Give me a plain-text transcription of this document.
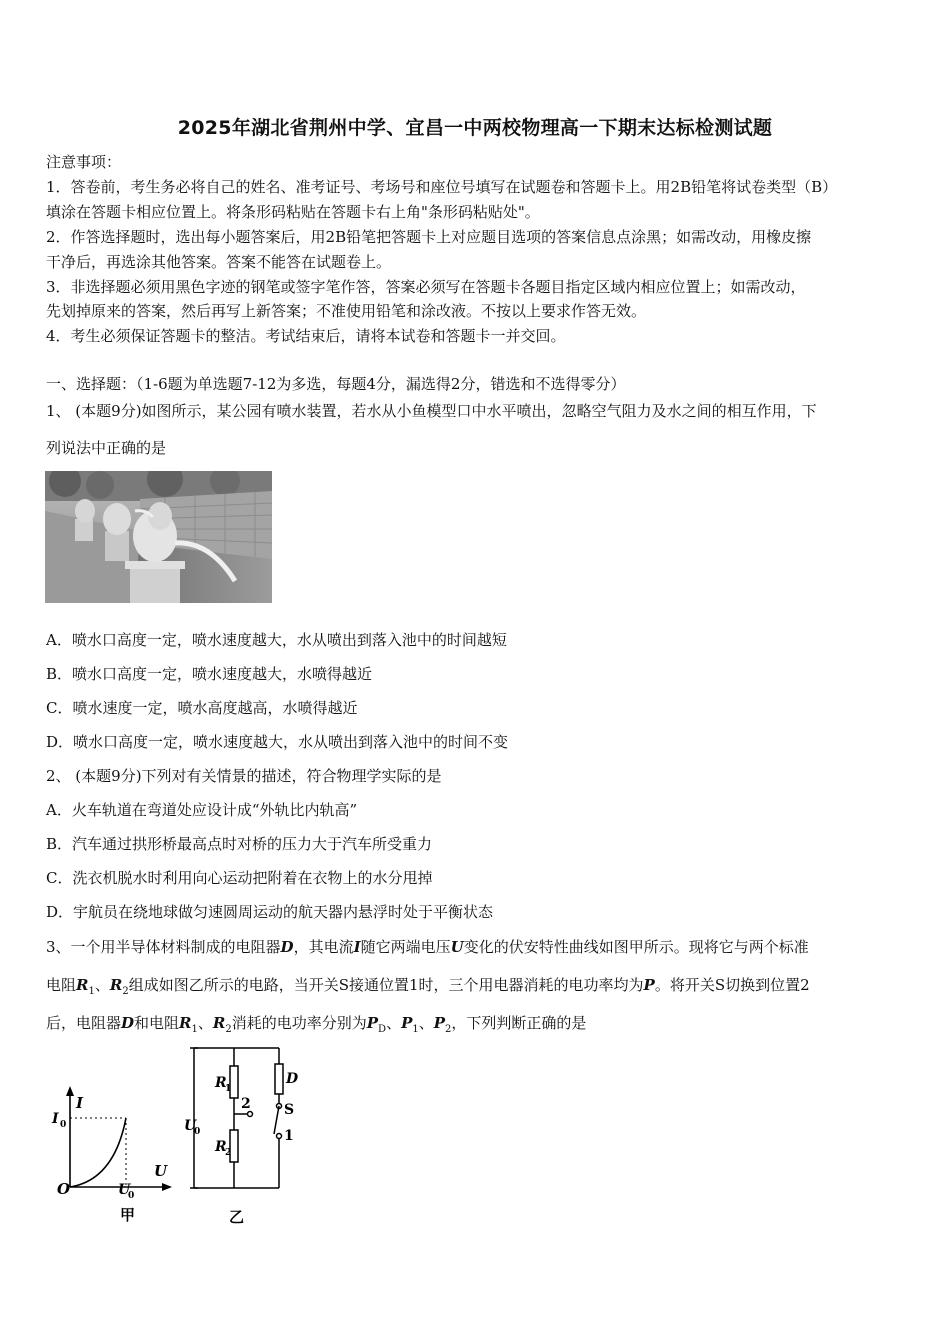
2025年湖北省荆州中学、宜昌一中两校物理高一下期末达标检测试题
注意事项：
1．答卷前，考生务必将自己的姓名、准考证号、考场号和座位号填写在试题卷和答题卡上。用2B铅笔将试卷类型（B）
填涂在答题卡相应位置上。将条形码粘贴在答题卡右上角"条形码粘贴处"。
2．作答选择题时，选出每小题答案后，用2B铅笔把答题卡上对应题目选项的答案信息点涂黑；如需改动，用橡皮擦
干净后，再选涂其他答案。答案不能答在试题卷上。
3．非选择题必须用黑色字迹的钢笔或签字笔作答，答案必须写在答题卡各题目指定区域内相应位置上；如需改动，
先划掉原来的答案，然后再写上新答案；不准使用铅笔和涂改液。不按以上要求作答无效。
4．考生必须保证答题卡的整洁。考试结束后，请将本试卷和答题卡一并交回。
一、选择题：（1-6题为单选题7-12为多选，每题4分，漏选得2分，错选和不选得零分）
1、 (本题9分)如图所示，某公园有喷水装置，若水从小鱼模型口中水平喷出，忽略空气阻力及水之间的相互作用，下
列说法中正确的是
A．喷水口高度一定，喷水速度越大，水从喷出到落入池中的时间越短
B．喷水口高度一定，喷水速度越大，水喷得越近
C．喷水速度一定，喷水高度越高，水喷得越近
D．喷水口高度一定，喷水速度越大，水从喷出到落入池中的时间不变
2、 (本题9分)下列对有关情景的描述，符合物理学实际的是
A．火车轨道在弯道处应设计成“外轨比内轨高”
B．汽车通过拱形桥最高点时对桥的压力大于汽车所受重力
C．洗衣机脱水时利用向心运动把附着在衣物上的水分甩掉
D．宇航员在绕地球做匀速圆周运动的航天器内悬浮时处于平衡状态
3、一个用半导体材料制成的电阻器D，其电流I随它两端电压U变化的伏安特性曲线如图甲所示。现将它与两个标准
电阻$R_1$、$R_2$组成如图乙所示的电路，当开关S接通位置1时，三个用电器消耗的电功率均为P。将开关S切换到位置2
后，电阻器D和电阻$R_1$、$R_2$消耗的电功率分别为$P_D$、$P_1$、$P_2$，下列判断正确的是
I
U
O
I 0
U
0
甲
U
0
R
1
R
2
2
D
S
1
乙
